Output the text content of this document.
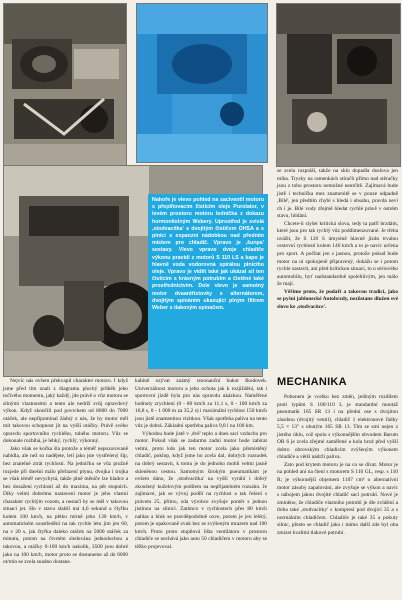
Nahoře je vlevo pohled na sacíventil motoru s přeplňovacím čistícím oleje Purolator, v levém prostoru motoru lednička z dokazu hormonitelným Webery. Uprostřed je svislá ,stodvacítka' s dvojitým čističem OHSA a s plnicí s expanzní nádobkou nad předním mistem pro chladič. Vpravo je ,šunpa' sestavy. Vlevo vpravo dvoje chladiče výkonu pravidi z motorů S 110 LS a kapo je hlavně voda vodorovná spirálou plnícího oleje. Vpravo je vidět také jak ukázal sil ten čisticím s krásným potrubím a čistěné také prostřednictvím. Dole vlevo je samotný motor dvaantřistovky s alternátorem, dvojitým spínáním ukazující plným filtrem Weber s tlakovým spínačem.

se zcela rozpráší, takže na sklo dopadla doslova jen mlha. Trysky na ramenkách stíračů přímo nad stěračky jsou z toho prostoru nemožné neurčitě. Zajímavá bude jistě i technička mez znamenitě se v pouze udpadně ,Bílé', jen předtím chybí s hledá i obsahu, pravda neví ch i je. Bílé vody zřejmě hledat rychlé právě v ostrém stavu, hlídání.

Chcete-li slyšet kritická slova, tedy ta patří brzdám, které jsou pro tak rychlý vůz poddimenzované. Je třeba uvážit, že S 120 S úmyslně hlavně jízdu trvalou cestovní rychlostí kolem 140 km/h a to je navíc určena pro sport. A počítat jen s jasnou, protože pokud bude motor na ní spokojeně připravený, dokážu se i potom rychle zastavit, ani před kritickou situaci, to u sériového automobilu, byť nadstandardně spolehlivým, jen málo že mají.

Věříme proto, že podaří a takovou tradici, jako se pyšní jablonecké Autobrzdy, nezůstane dlužen své slovo ke ,stodvacítce'.

MECHANIKA

Nejvíc nás ovšem překvapil charakter motoru. I když jsme před tím znali z diagramu plochý průběh jeho točivého momentu, jaký každý, jde právě o vůz motoru se silnými vlastnostmi a tento ale nedrží svůj opravdový výkon. Když skončili pod povrchem od 8000 do 7000 otáček, ale nepřipomínal žádný z nás, že by motor měl mít takovou schopnost jít na vyšší otáčky. Právě svého opravdu sportovního rychlého, tuhého motoru. Vůz se dokonale rozbíhá, je lehký, rychlý, výkonný.

Jako však se kočka šla protože a téměř nepozorovaně nabídla, ale než so nadějete, letí jako jste vystřelený šíp, bez znatelné ztrát rychlosti. Na jedničku se vůz pružně rozjede při dnešní málo přeřazení plynu, dvojka i trojka se však téměř nevychytá, takže plně měniče lze hladce a bez dosažení rychlosti až do maxima, na pět stupních. Díky velmi dobrému nastavení motor je jeho vlastní charakter rychlým vozem, a nestačí by se měl v takovou situaci jet. Ho v stavu slabší má 4,6 sekund a čtyřku kolem 100 km/h, na pětku mírně jeho 130 km/h, v automatickém soustředění na tak rychle letu jim jen 60, na v 20 s, jak čtyřka daleko otáček na 5000 otáček za minutu, potom na čtvrtém sledována jednoduchou a takovou, a otáčky 0-100 km/h nakolik, 3500 jsou dobré jako na 100 km/h, motor proto se dostaneme až do 6000 ot/min se zcela snadno dostane.

kabině ozývat známý rezonanční hukot škodovek. Univerzálnost motoru a jeho ochota jak k rozjíždění, tak i sportovní jízdě byla pro nás opravdu ukázkou. Naměřené hodnoty zrychlení (0 - 80 km/h za 11,1 s, 0 - 100 km/h za 16,8 s, 0 - 1 000 m za 35,2 s) i maximální rychlost 150 km/h jsou jistě znamenitou vizitkou. Však spotřeba paliva na tento vůz je dobrá. Základní spotřeba paliva 9,8 l na 100 km.

Výhodou bude jistě v ,dvě' teplo a dnes sací vzduchu pro motor. Pokud však se zadarmo zadní motor bude zabírat velmi, proto kdo jak ten motor zcela jako přemístěný chladič, poklop, když jsme ho zcela dal, dobrých rozsudek na dobrý sestavit, k tomu je do jednoho mohli velmi jasně skleněnou cestou. Samotným širokým pneumatikám je ovšem dáno, že ,stodvacítka' na vyšší vyrábí i dobrý zkoušený kuželovým podílem na nepřijatelném rozsahu. Je zajímavé, jak se vývoj podílí na rychlost a tak řešení s právem 25, přímo, zda výrobce zvyšuje poměr s jednou jistinou na silnici. Zatímco v rychlostech přes 80 km/h nahlas a hluk se pravděpodobně ozve, potom je jen lehký, potom je opakovaně zvuk bez se zvýšeným mrazem nad 100 km/h. Proto proto stupňová lišta ventilátoru v prostoru chladiče se nechává jako auto 50 chladičem v motoru aby se těžko projevoval.

Pohonem je vcelku bez změn, jediným rozdílem proti typům S 100/110 L je standardní montáž pneumatik 165 SR 13 i na přední ose s dvojitou zásobou (dvojitý ventil), chladič 1 elektronové řádky 5,5 × 13" s obutým 165 SR 13. Tím se smí nejen z jistého úhlu, což spolu s výkonnějším obvodem Barum OR 6 je zcela zřejmé zaměřené a kola brzd před vyšší dobro obrovským chladicím zvýšeným výkonem chladiče a větší nádrží paliva.

Zato pod krytem motoru je na co se dívat. Motor je na pohled ani na čtení s motorem S 110 GL, resp. s 110 R; je výkonnější objemem 1107 cm³ o alternativní motor zásoby zapalování, ale zvyšuje se výkon a navíc s nábojem jakou dvojité chladič sací potrubí. Nové je zmíněno, že chladiče vlastního potrubí je dle zvláštní a třeba také ,stodvacítky' s kompresí pod dvojicí 35 a s normálním chladičem. Chladiče je také 35 a pokuty silnic, přesto se chladič jako i mimo další zde byl oba zmizet kvalitní tlakové potrubí.
